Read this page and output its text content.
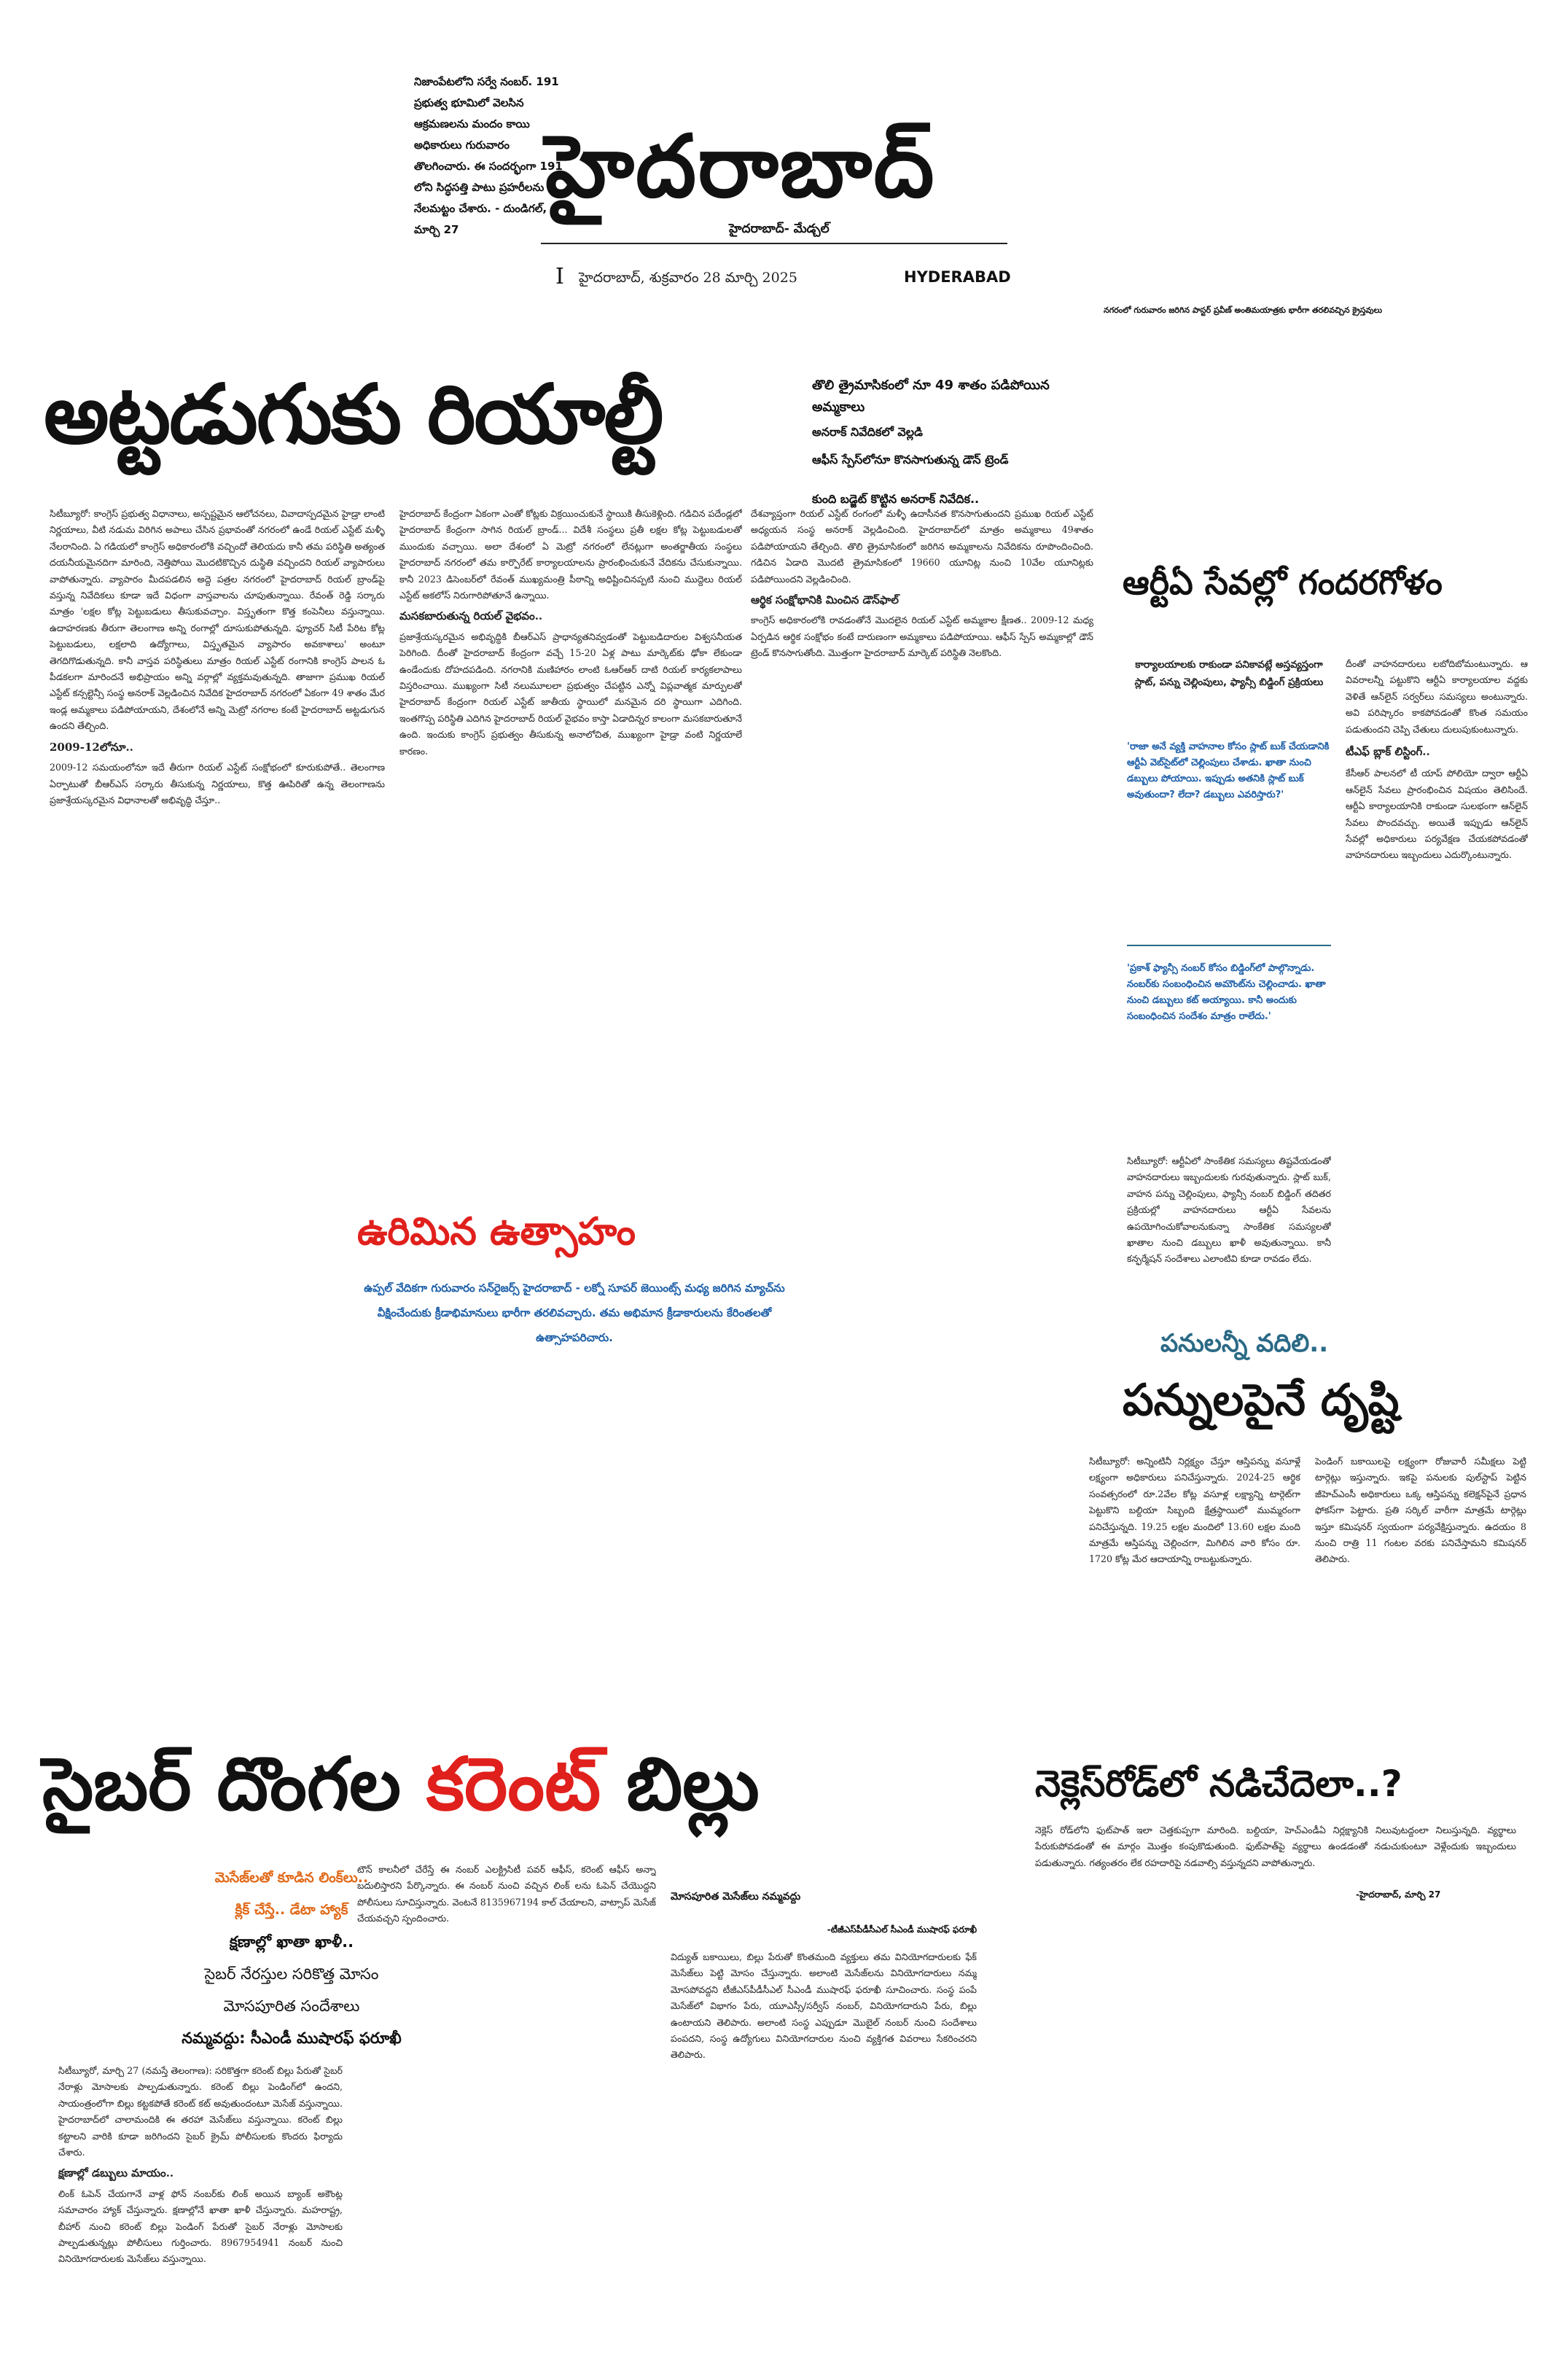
నిజాంపేటలోని సర్వే నంబర్. 191 ప్రభుత్వ భూమిలో వెలసిన ఆక్రమణలను మందం కాయి అధికారులు గురువారం తొలగించారు. ఈ సందర్భంగా 191 లోని సిద్ధసత్తి పాటు ప్రహరీలను నేలమట్టం చేశారు. - దుండిగల్, మార్చి 27
హైదరాబాద్
హైదరాబాద్- మేడ్చల్
I హైదరాబాద్, శుక్రవారం 28 మార్చి 2025	HYDERABAD
నగరంలో గురువారం జరిగిన పాస్టర్ ప్రవీణ్ అంతిమయాత్రకు భారీగా తరలివచ్చిన క్రైస్తవులు
అట్టడుగుకు రియాల్టీ	తొలి త్రైమాసికంలో నూ 49 శాతం పడిపోయిన అమ్మకాలు
అనరాక్ నివేదికలో వెల్లడి
ఆఫీస్ స్పేస్‌లోనూ కొనసాగుతున్న డౌన్ ట్రెండ్
కుంది బడ్జెట్ కొట్టిన అనరాక్ నివేదిక..

సిటీబ్యూరో: కాంగ్రెస్ ప్రభుత్వ విధానాలు, అస్పష్టమైన ఆలోచనలు, వివాదాస్పదమైన హైడ్రా లాంటి నిర్ణయాలు, వీటి నడుమ విరిగిన అపాలు చేసిన ప్రభావంతో నగరంలో ఉండే రియల్ ఎస్టేట్ మళ్ళీ నేలరానింది. ఏ గడియలో కాంగ్రెస్ అధికారంలోకి వచ్చిందో తెలియదు కానీ తమ పరిస్థితి అత్యంత దయనీయమైనదిగా మారింది, నెత్తిపోయి మొదటికొచ్చిన దుస్థితి వచ్చిందని రియల్ వ్యాపారులు వాపోతున్నారు. వ్యాపారం మీదపడలిన అద్దె పత్రల నగరంలో హైదరాబాద్ రియల్ బ్రాండ్‌పై వస్తున్న నివేదికలు కూడా ఇదే విధంగా వాస్తవాలను చూపుతున్నాయి. రేవంత్ రెడ్డి సర్కారు మాత్రం 'లక్షల కోట్ల పెట్టుబడులు తీసుకువచ్చాం. విస్తృతంగా కొత్త కంపెనీలు వస్తున్నాయి. ఉదాహరణకు తీరుగా తెలంగాణ అన్ని రంగాల్లో దూసుకుపోతున్నది. ఫ్యూచర్ సిటీ పేరిట కోట్ల పెట్టుబడులు, లక్షలాది ఉద్యోగాలు, విస్తృతమైన వ్యాపారం అవకాశాలు' అంటూ తెగదిగొడుతున్నది. కానీ వాస్తవ పరిస్థితులు మాత్రం రియల్ ఎస్టేట్ రంగానికి కాంగ్రెస్ పాలన ఓ పీడకలగా మారిందనే అభిప్రాయం అన్ని వర్గాల్లో వ్యక్తమవుతున్నది. తాజాగా ప్రముఖ రియల్ ఎస్టేట్ కన్సల్టెన్సీ సంస్థ అనరాక్ వెల్లడించిన నివేదిక హైదరాబాద్ నగరంలో ఏకంగా 49 శాతం మేర ఇండ్ల అమ్మకాలు పడిపోయాయని, దేశంలోనే అన్ని మెట్రో నగరాల కంటే హైదరాబాద్ అట్టడుగున ఉందని తేల్చింది.

2009-12లోనూ..

2009-12 సమయంలోనూ ఇదే తీరుగా రియల్ ఎస్టేట్ సంక్షోభంలో కూరుకుపోతే.. తెలంగాణ ఏర్పాటుతో బీఆర్‌ఎస్ సర్కారు తీసుకున్న నిర్ణయాలు, కొత్త ఊపిరితో ఉన్న తెలంగాణను ప్రజాశ్రేయస్కరమైన విధానాలతో అభివృద్ధి చేస్తూ..

హైదరాబాద్ కేంద్రంగా ఏకంగా ఎంతో కోట్లకు విక్రయించుకునే స్థాయికి తీసుకెళ్లింది. గడిచిన పదేండ్లలో హైదరాబాద్ కేంద్రంగా సాగిన రియల్ బ్రాండ్... విదేశీ సంస్థలు ప్రతీ లక్షల కోట్ల పెట్టుబడులతో ముందుకు వచ్చాయి. అలా దేశంలో ఏ మెట్రో నగరంలో లేనట్లుగా అంతర్జాతీయ సంస్థలు హైదరాబాద్ నగరంలో తమ కార్పొరేట్ కార్యాలయాలను ప్రారంభించుకునే వేదికను చేసుకున్నాయి. కానీ 2023 డిసెంబర్‌లో రేవంత్ ముఖ్యమంత్రి పీఠాన్ని అధిష్టించినప్పటి నుంచి ముద్దెలు రియల్ ఎస్టేట్ అకలోస్ నిరుగారిపోతూనే ఉన్నాయి.

మసకబారుతున్న రియల్ వైభవం..

ప్రజాశ్రేయస్కరమైన అభివృద్ధికి బీఆర్‌ఎస్ ప్రాధాన్యతనివ్వడంతో పెట్టుబడిదారుల విశ్వసనీయత పెరిగింది. దీంతో హైదరాబాద్ కేంద్రంగా వచ్చే 15-20 ఏళ్ల పాటు మార్కెట్‌కు ఢోకా లేకుండా ఉండేందుకు దోహదపడింది. నగరానికి మణిహారం లాంటి ఓఆర్‌ఆర్ దాటి రియల్ కార్యకలాపాలు విస్తరించాయి. ముఖ్యంగా సిటీ నలుమూలలా ప్రభుత్వం చేపట్టిన ఎన్నో విప్లవాత్మక మార్పులతో హైదరాబాద్ కేంద్రంగా రియల్ ఎస్టేట్ జాతీయ స్థాయిలో మనమైన దరి స్థాయిగా ఎదిగింది. ఇంతగొప్ప పరిస్థితి ఎదిగిన హైదరాబాద్ రియల్ వైభవం కాస్తా ఏడాదిన్నర కాలంగా మసకబారుతూనే ఉంది. ఇందుకు కాంగ్రెస్ ప్రభుత్వం తీసుకున్న అనాలోచిత, ముఖ్యంగా హైడ్రా వంటి నిర్ణయాలే కారణం.

దేశవ్యాప్తంగా రియల్ ఎస్టేట్ రంగంలో మళ్ళీ ఉదాసీనత కొనసాగుతుందని ప్రముఖ రియల్ ఎస్టేట్ అధ్యయన సంస్థ అనరాక్ వెల్లడించింది. హైదరాబాద్‌లో మాత్రం అమ్మకాలు 49శాతం పడిపోయాయని తేల్చింది. తొలి త్రైమాసికంలో జరిగిన అమ్మకాలను నివేదికను రూపొందించింది. గడిచిన ఏడాది మొదటి త్రైమాసికంలో 19660 యూనిట్ల నుంచి 10వేల యూనిట్లకు పడిపోయిందని వెల్లడించింది.

ఆర్థిక సంక్షోభానికి మించిన డౌన్‌ఫాల్

కాంగ్రెస్ అధికారంలోకి రావడంతోనే మొదలైన రియల్ ఎస్టేట్ అమ్మకాల క్షీణత.. 2009-12 మధ్య ఏర్పడిన ఆర్థిక సంక్షోభం కంటే దారుణంగా అమ్మకాలు పడిపోయాయి. ఆఫీస్ స్పేస్ అమ్మకాల్లో డౌన్ ట్రెండ్ కొనసాగుతోంది. మొత్తంగా హైదరాబాద్ మార్కెట్ పరిస్థితి నెలకొంది.

ఆర్టీఏ సేవల్లో గందరగోళం
కార్యాలయాలకు రాకుండా పనికావట్లే అస్తవ్యస్తంగా స్లాట్, పన్ను చెల్లింపులు, ఫ్యాన్సీ బిడ్డింగ్ ప్రక్రియలు
'రాజా అనే వ్యక్తి వాహనాల కోసం స్లాట్ బుక్ చేయడానికి ఆర్టీఏ వెబ్‌సైట్‌లో చెల్లింపులు చేశాడు. ఖాతా నుంచి డబ్బులు పోయాయి. ఇప్పుడు అతనికి స్లాట్ బుక్ అవుతుందా? లేదా? డబ్బులు ఎవరిస్తారు?'
'ప్రకాశ్ ఫ్యాన్సీ నంబర్ కోసం బిడ్డింగ్‌లో పాల్గొన్నాడు. నంబర్‌కు సంబంధించిన అమౌంట్‌ను చెల్లించాడు. ఖాతా నుంచి డబ్బులు కట్ అయ్యాయి. కానీ అందుకు సంబంధించిన సందేశం మాత్రం రాలేదు.'
సిటీబ్యూరో: ఆర్టీఏలో సాంకేతిక సమస్యలు తిష్టవేయడంతో వాహనదారులు ఇబ్బందులకు గురవుతున్నారు. స్లాట్ బుక్, వాహన పన్ను చెల్లింపులు, ఫ్యాన్సీ నంబర్ బిడ్డింగ్ తదితర ప్రక్రియల్లో వాహనదారులు ఆర్టీఏ సేవలను ఉపయోగించుకోవాలనుకున్నా సాంకేతిక సమస్యలతో ఖాతాల నుంచి డబ్బులు ఖాళీ అవుతున్నాయి. కానీ కన్ఫర్మేషన్ సందేశాలు ఎలాంటివి కూడా రావడం లేదు.

దీంతో వాహనదారులు లబోదిబోమంటున్నారు. ఆ వివరాలన్నీ పట్టుకొని ఆర్టీఏ కార్యాలయాల వద్దకు వెళితే ఆన్‌లైన్ సర్వర్‌లు సమస్యలు అంటున్నారు. అవి పరిష్కారం కాకపోవడంతో కొంత సమయం పడుతుందని చెప్పి చేతులు దులుపుకుంటున్నారు.

టీఎఫ్ బ్లాక్ లిస్టింగ్..

కేసీఆర్ పాలనలో టీ యాప్ పోలియో ద్వారా ఆర్టీఏ ఆన్‌లైన్ సేవలు ప్రారంభించిన విషయం తెలిసిందే. ఆర్టీఏ కార్యాలయానికి రాకుండా సులభంగా ఆన్‌లైన్ సేవలు పొందవచ్చు. అయితే ఇప్పుడు ఆన్‌లైన్ సేవల్లో అధికారులు పర్యవేక్షణ చేయకపోవడంతో వాహనదారులు ఇబ్బందులు ఎదుర్కొంటున్నారు.

ఉరిమిన ఉత్సాహం
ఉప్పల్ వేదికగా గురువారం సన్‌రైజర్స్ హైదరాబాద్ - లక్నో సూపర్ జెయింట్స్ మధ్య జరిగిన మ్యాచ్‌ను వీక్షించేందుకు క్రీడాభిమానులు భారీగా తరలివచ్చారు. తమ అభిమాన క్రీడాకారులను కేరింతలతో ఉత్సాహపరిచారు.	పనులన్నీ వదిలి..
పన్నులపైనే దృష్టి
సిటీబ్యూరో: అన్నింటినీ నిర్లక్ష్యం చేస్తూ ఆస్తిపన్ను వసూళ్లే లక్ష్యంగా అధికారులు పనిచేస్తున్నారు. 2024-25 ఆర్థిక సంవత్సరంలో రూ.2వేల కోట్ల వసూళ్ల లక్ష్యాన్ని టార్గెట్‌గా పెట్టుకొని బల్దియా సిబ్బంది క్షేత్రస్థాయిలో ముమ్మరంగా పనిచేస్తున్నది. 19.25 లక్షల మందిలో 13.60 లక్షల మంది మాత్రమే ఆస్తిపన్ను చెల్లించగా, మిగిలిన వారి కోసం రూ. 1720 కోట్ల మేర ఆదాయాన్ని రాబట్టుకున్నారు.
పెండింగ్ బకాయిలపై లక్ష్యంగా రోజువారీ సమీక్షలు పెట్టి టార్గెట్లు ఇస్తున్నారు. ఇకపై పనులకు పుల్‌స్టాప్ పెట్టిన జీహెచ్‌ఎంసీ అధికారులు ఒక్క ఆస్తిపన్ను కలెక్షన్‌పైనే ప్రధాన ఫోకస్‌గా పెట్టారు. ప్రతి సర్కిల్ వారీగా మాత్రమే టార్గెట్లు ఇస్తూ కమిషనర్ స్వయంగా పర్యవేక్షిస్తున్నారు. ఉదయం 8 నుంచి రాత్రి 11 గంటల వరకు పనిచేస్తామని కమిషనర్ తెలిపారు.
సైబర్ దొంగల కరెంట్ బిల్లు
మెసేజ్‌లతో కూడిన లింక్‌లు..
క్లిక్ చేస్తే.. డేటా హ్యాక్
క్షణాల్లో ఖాతా ఖాళీ..
సైబర్ నేరస్తుల సరికొత్త మోసం
మోసపూరిత సందేశాలు
నమ్మవద్దు: సీఎండీ ముషారఫ్ ఫరూఖీ

సిటీబ్యూరో, మార్చి 27 (నమస్తే తెలంగాణ): సరికొత్తగా కరెంట్ బిల్లు పేరుతో సైబర్ నేరాళ్లు మోసాలకు పాల్పడుతున్నారు. కరెంట్ బిల్లు పెండింగ్‌లో ఉందని, సాయంత్రంలోగా బిల్లు కట్టకపోతే కరెంట్ కట్ అవుతుందంటూ మెసేజ్ వస్తున్నాయి. హైదరాబాద్‌లో చాలామందికి ఈ తరహా మెసేజ్‌లు వస్తున్నాయి. కరెంట్ బిల్లు కట్టాలని వారికి కూడా జరిగిందని సైబర్ క్రైమ్ పోలీసులకు కొందరు ఫిర్యాదు చేశారు.

క్షణాల్లో డబ్బులు మాయం..

లింక్ ఓపెన్ చేయగానే వాళ్ల ఫోన్ నంబర్‌కు లింక్ అయిన బ్యాంక్ అకౌంట్ల సమాచారం హ్యాక్ చేస్తున్నారు. క్షణాల్లోనే ఖాతా ఖాళీ చేస్తున్నారు. మహరాష్ట్ర, బీహార్ నుంచి కరెంట్ బిల్లు పెండింగ్ పేరుతో సైబర్ నేరాళ్లు మోసాలకు పాల్పడుతున్నట్లు పోలీసులు గుర్తించారు. 8967954941 నంబర్ నుంచి వినియోగదారులకు మెసేజ్‌లు వస్తున్నాయి.

టౌన్ కాలనీలో చేరేస్తే ఈ నంబర్ ఎలక్ట్రిసిటీ పవర్ ఆఫీస్, కరెంట్ ఆఫీస్ అన్నా బదులిస్తారని పేర్కొన్నారు. ఈ నంబర్ నుంచి వచ్చిన లింక్ లను ఓపెన్ చేయొద్దని పోలీసులు సూచిస్తున్నారు. వెంటనే 8135967194 కాల్ చేయాలని, వాట్సాప్ మెసేజ్ చేయవచ్చని స్పందించారు.

మోసపూరిత మెసేజ్‌లు నమ్మవద్దు
-టీజీఎస్‌పీడీసీఎల్ సీఎండీ ముషారఫ్ ఫరూఖీ
విద్యుత్ బకాయిలు, బిల్లు పేరుతో కొంతమంది వ్యక్తులు తమ వినియోగదారులకు ఫేక్ మెసేజ్‌లు పెట్టి మోసం చేస్తున్నారు. అలాంటి మెసేజ్‌లను వినియోగదారులు నమ్మ మోసపోవద్దని టీజీఎస్‌పీడీసీఎల్ సీఎండీ ముషారఫ్ ఫరూఖీ సూచించారు. సంస్థ పంపే మెసేజ్‌లో విభాగం పేరు, యూఎస్సీ/సర్వీస్ నంబర్, వినియోగదారుని పేరు, బిల్లు ఉంటాయని తెలిపారు. అలాంటి సంస్థ ఎప్పుడూ మొబైల్ నంబర్ నుంచి సందేశాలు పంపదని, సంస్థ ఉద్యోగులు వినియోగదారుల నుంచి వ్యక్తిగత వివరాలు సేకరించరని తెలిపారు.
నెక్లెస్‌రోడ్‌లో నడిచేదెలా..?
నెక్లెస్ రోడ్‌లోని ఫుట్‌పాత్ ఇలా చెత్తకుప్పగా మారింది. బల్దియా, హెచ్‌ఎండీఏ నిర్లక్ష్యానికి నిలువుటద్దంలా నిలుస్తున్నది. వ్యర్థాలు పేరుకుపోవడంతో ఈ మార్గం మొత్తం కంపుకొడుతుంది. ఫుట్‌పాత్‌పై వ్యర్థాలు ఉండడంతో నడుచుకుంటూ వెళ్లేందుకు ఇబ్బందులు పడుతున్నారు. గత్యంతరం లేక రహదారిపై నడవాల్సి వస్తున్నదని వాపోతున్నారు.
-హైదరాబాద్, మార్చి 27
